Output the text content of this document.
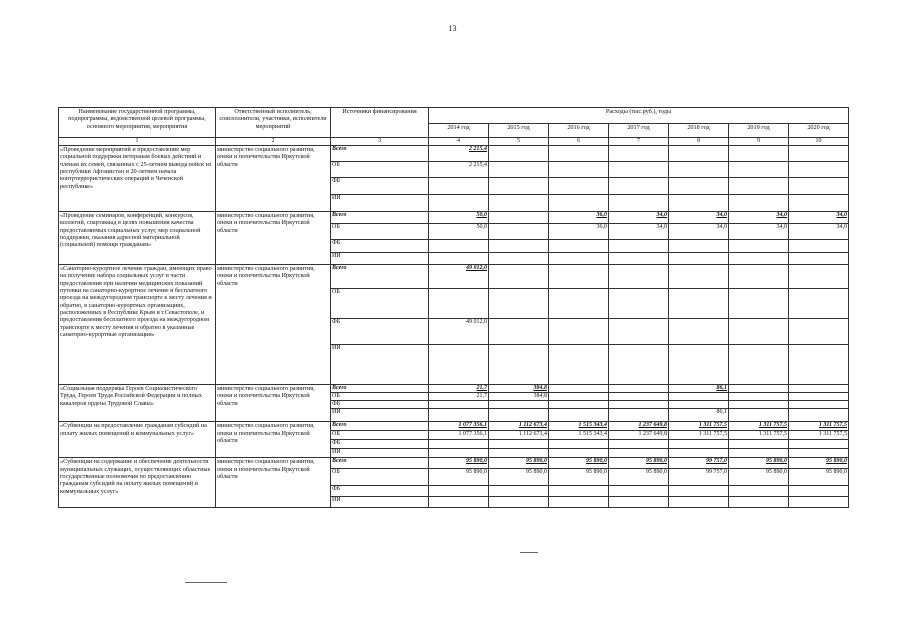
13
Наименование государственной программы, подпрограммы, ведомственной целевой программы, основного мероприятия, мероприятия	Ответственный исполнитель, соисполнители, участники, исполнители мероприятий	Источники финансирования	Расходы (тыс.руб.), годы						
			2014 год	2015 год	2016 год	2017 год	2018 год	2019 год	2020 год
1	2	3	4	5	6	7	8	9	10
«Проведение мероприятий и предоставление мер социальной поддержки ветеранам боевых действий и членам их семей, связанных с 25-летием вывода войск из республики Афганистан и 20-летием начала контртеррористических операций в Чеченской республике»	министерство социального развития, опеки и попечительства Иркутской области	Всего	2 215,4						
		ОБ	2 215,4						
		ФБ							
		ИИ							
«Проведение семинаров, конференций, конкурсов, коллегий, спартакиад в целях повышения качества предоставляемых социальных услуг, мер социальной поддержки, оказания адресной материальной (социальной) помощи гражданам»	министерство социального развития, опеки и попечительства Иркутской области	Всего	50,0		36,0	34,0	34,0	34,0	34,0
		ОБ	50,0		36,0	34,0	34,0	34,0	34,0
		ФБ							
		ИИ							
«Санаторно-курортное лечение граждан, имеющих право на получение набора социальных услуг в части предоставления при наличии медицинских показаний путевки на санаторно-курортное лечение и бесплатного проезда на междугородном транспорте к месту лечения и обратно, в санаторно-курортных организациях, расположенных в Республике Крым и г.Севастополе, и предоставления бесплатного проезда на междугородном транспорте к месту лечения и обратно в указанные санаторно-курортные организации»	министерство социального развития, опеки и попечительства Иркутской области	Всего	49 012,0						
		ОБ							
		ФБ	49 012,0						
		ИИ							
«Социальная поддержка Героев Социалистического Труда, Героев Труда Российской Федерации и полных кавалеров ордена Трудовой Славы»	министерство социального развития, опеки и попечительства Иркутской области	Всего	21,7	384,8			86,1		
		ОБ	21,7	384,8					
		ФБ							
		ИИ					86,1		
«Субвенции на предоставление гражданам субсидий на оплату жилых помещений и коммунальных услуг»	министерство социального развития, опеки и попечительства Иркутской области	Всего	1 077 356,1	1 112 673,4	1 515 343,4	1 237 649,8	1 311 757,5	1 311 757,5	1 311 757,5
		ОБ	1 077 356,1	1 112 673,4	1 515 343,4	1 237 649,8	1 311 757,5	1 311 757,5	1 311 757,5
		ФБ							
		ИИ							
«Субвенции на содержание и обеспечение деятельности муниципальных служащих, осуществляющих областные государственные полномочия по предоставлению гражданам субсидий на оплату жилых помещений и коммунальных услуг»	министерство социального развития, опеки и попечительства Иркутской области	Всего	95 890,0	95 890,0	95 890,0	95 890,0	99 757,0	95 890,0	95 890,0
		ОБ	95 890,0	95 890,0	95 890,0	95 890,0	99 757,0	95 890,0	95 890,0
		ФБ							
		ИИ							
